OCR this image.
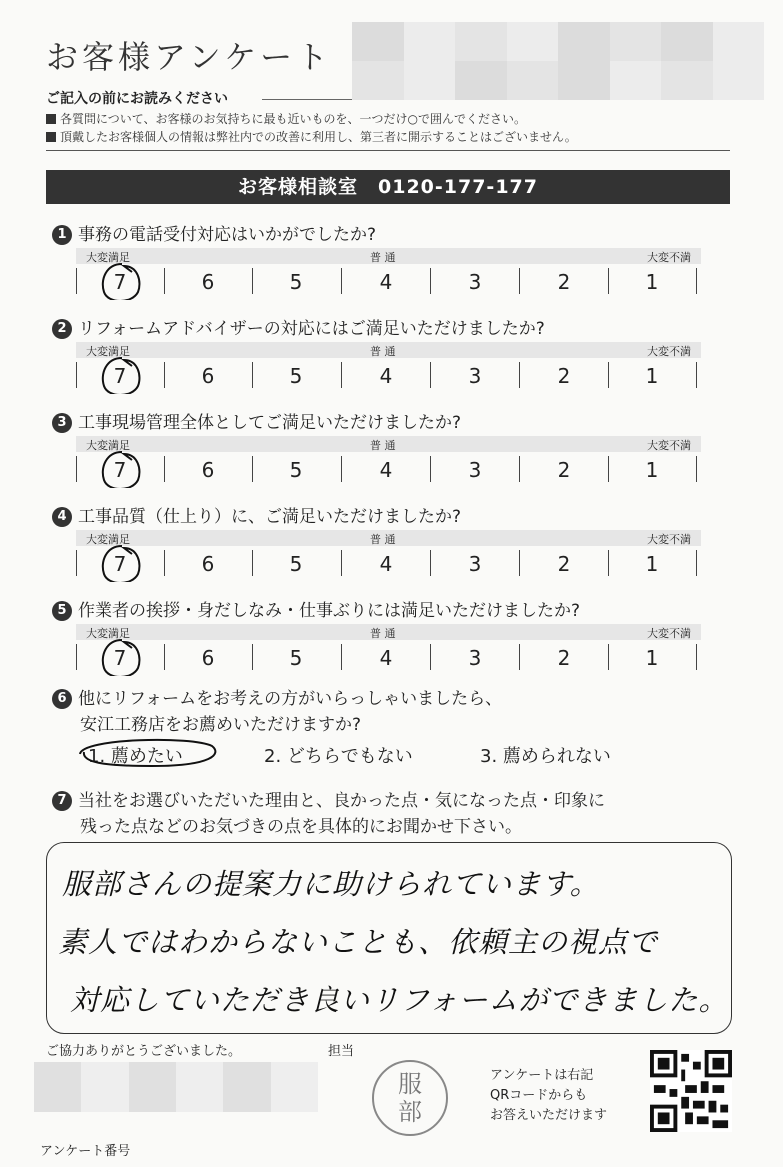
お客様アンケート
ご記入の前にお読みください
各質問について、お客様のお気持ちに最も近いものを、一つだけ○で囲んでください。
頂戴したお客様個人の情報は弊社内での改善に利用し、第三者に開示することはございません。
お客様相談室　0120-177-177
1 事務の電話受付対応はいかがでしたか?
大変満足	普 通	大変不満
7	6	5	4	3	2	1
2 リフォームアドバイザーの対応にはご満足いただけましたか?
大変満足	普 通	大変不満
7	6	5	4	3	2	1
3 工事現場管理全体としてご満足いただけましたか?
大変満足	普 通	大変不満
7	6	5	4	3	2	1
4 工事品質（仕上り）に、ご満足いただけましたか?
大変満足	普 通	大変不満
7	6	5	4	3	2	1
5 作業者の挨拶・身だしなみ・仕事ぶりには満足いただけましたか?
大変満足	普 通	大変不満
7	6	5	4	3	2	1
6 他にリフォームをお考えの方がいらっしゃいましたら、
安江工務店をお薦めいただけますか?
1. 薦めたい	2. どちらでもない	3. 薦められない
7 当社をお選びいただいた理由と、良かった点・気になった点・印象に
残った点などのお気づきの点を具体的にお聞かせ下さい。
服部さんの提案力に助けられています。
素人ではわからないことも、依頼主の視点で
対応していただき良いリフォームができました。
ご協力ありがとうございました。	担当
アンケート番号
服
部
アンケートは右記
QRコードからも
お答えいただけます
